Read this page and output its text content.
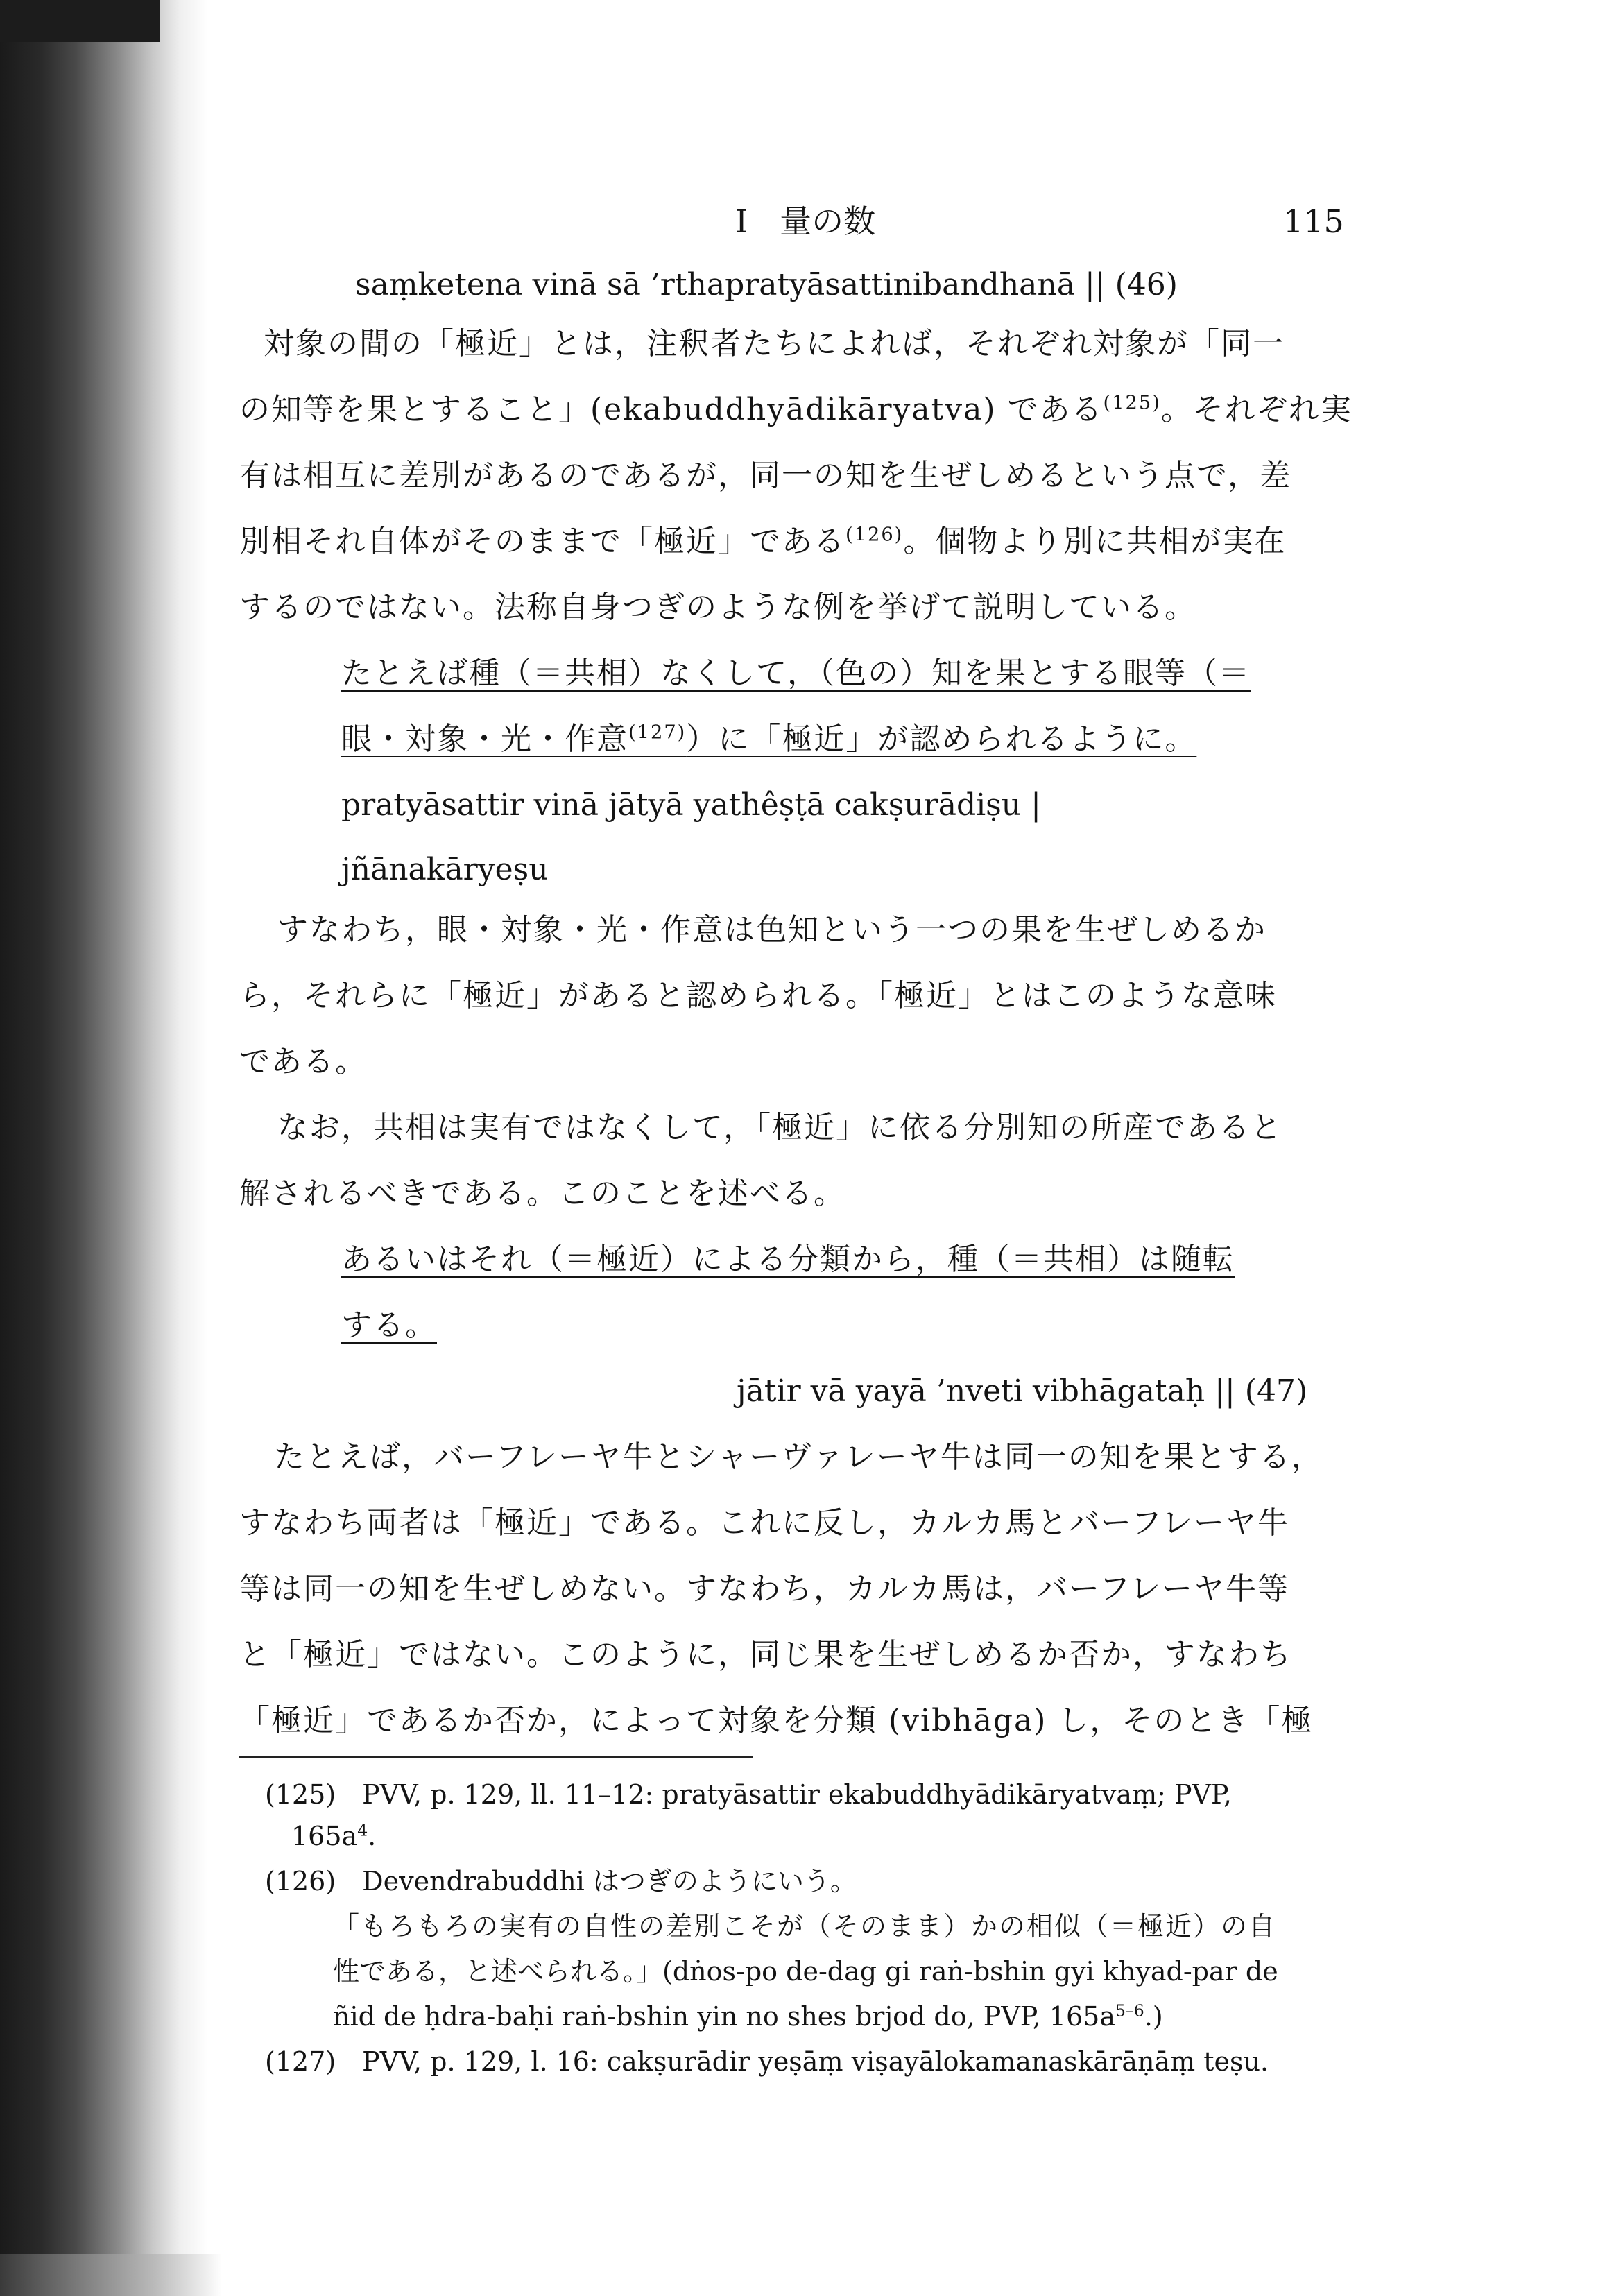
I　量の数	115
saṃketena vinā sā ’rthapratyāsattinibandhanā || (46)
対象の間の「極近」とは，注釈者たちによれば，それぞれ対象が「同一
の知等を果とすること」(ekabuddhyādikāryatva) である$^{(125)}$。それぞれ実
有は相互に差別があるのであるが，同一の知を生ぜしめるという点で，差
別相それ自体がそのままで「極近」である$^{(126)}$。個物より別に共相が実在
するのではない。法称自身つぎのような例を挙げて説明している。
たとえば種（＝共相）なくして，（色の）知を果とする眼等（＝
眼・対象・光・作意$^{(127)}$）に「極近」が認められるように。
pratyāsattir vinā jātyā yathêṣṭā cakṣurādiṣu |
jñānakāryeṣu
すなわち，眼・対象・光・作意は色知という一つの果を生ぜしめるか
ら，それらに「極近」があると認められる。「極近」とはこのような意味
である。
なお，共相は実有ではなくして，「極近」に依る分別知の所産であると
解されるべきである。このことを述べる。
あるいはそれ（＝極近）による分類から，種（＝共相）は随転
する。
jātir vā yayā ’nveti vibhāgataḥ || (47)
たとえば，バーフレーヤ牛とシャーヴァレーヤ牛は同一の知を果とする，
すなわち両者は「極近」である。これに反し，カルカ馬とバーフレーヤ牛
等は同一の知を生ぜしめない。すなわち，カルカ馬は，バーフレーヤ牛等
と「極近」ではない。このように，同じ果を生ぜしめるか否か，すなわち
「極近」であるか否か，によって対象を分類 (vibhāga) し，そのとき「極
(125)　PVV, p. 129, ll. 11–12: pratyāsattir ekabuddhyādikāryatvaṃ; PVP,
$165a^4$.
(126)　Devendrabuddhi はつぎのようにいう。
「もろもろの実有の自性の差別こそが（そのまま）かの相似（＝極近）の自
性である，と述べられる。」(dṅos-po de-dag gi raṅ-bshin gyi khyad-par de
ñid de ḥdra-baḥi raṅ-bshin yin no shes brjod do, PVP, $165a^{5-6}$.)
(127)　PVV, p. 129, l. 16: cakṣurādir yeṣāṃ viṣayālokamanaskārāṇāṃ teṣu.
